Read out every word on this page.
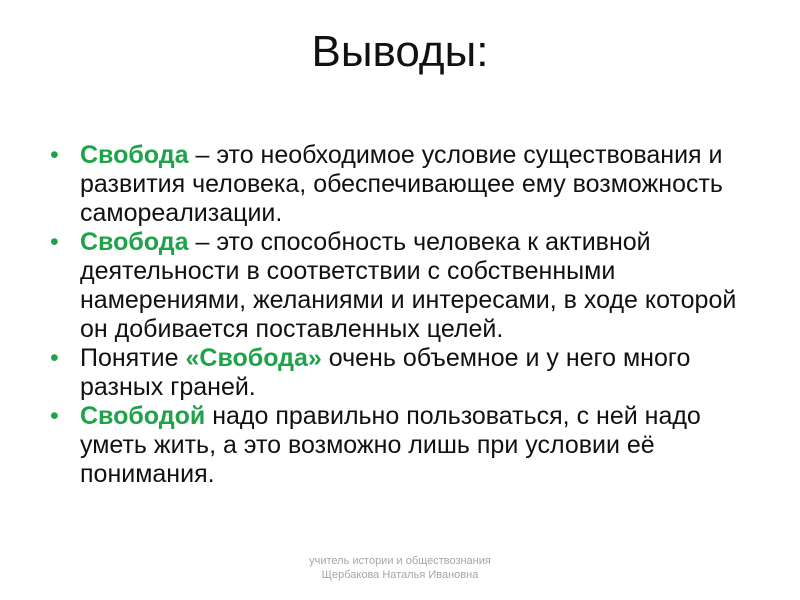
Выводы:
• Свобода – это необходимое условие существования и развития человека, обеспечивающее ему возможность самореализации.
• Свобода – это способность человека к активной деятельности в соответствии с собственными намерениями, желаниями и интересами, в ходе которой он добивается поставленных целей.
• Понятие «Свобода» очень объемное и у него много разных граней.
• Свободой надо правильно пользоваться, с ней надо уметь жить, а это возможно лишь при условии её понимания.
учитель истории и обществознания
Щербакова Наталья Ивановна
